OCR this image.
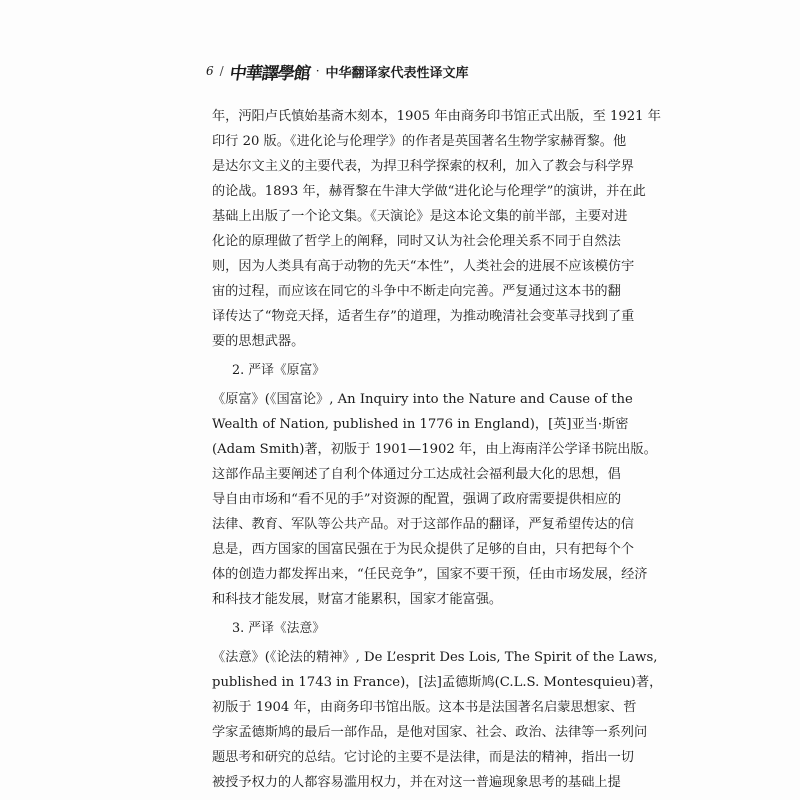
6 / 中華譯學館 · 中华翻译家代表性译文库
年，沔阳卢氏慎始基斋木刻本，1905 年由商务印书馆正式出版，至 1921 年
印行 20 版。《进化论与伦理学》的作者是英国著名生物学家赫胥黎。他
是达尔文主义的主要代表，为捍卫科学探索的权利，加入了教会与科学界
的论战。1893 年，赫胥黎在牛津大学做“进化论与伦理学”的演讲，并在此
基础上出版了一个论文集。《天演论》是这本论文集的前半部，主要对进
化论的原理做了哲学上的阐释，同时又认为社会伦理关系不同于自然法
则，因为人类具有高于动物的先天“本性”，人类社会的进展不应该模仿宇
宙的过程，而应该在同它的斗争中不断走向完善。严复通过这本书的翻
译传达了“物竞天择，适者生存”的道理，为推动晚清社会变革寻找到了重
要的思想武器。
2. 严译《原富》
《原富》(《国富论》, An Inquiry into the Nature and Cause of the
Wealth of Nation, published in 1776 in England)，[英]亚当·斯密
(Adam Smith)著，初版于 1901—1902 年，由上海南洋公学译书院出版。
这部作品主要阐述了自利个体通过分工达成社会福利最大化的思想，倡
导自由市场和“看不见的手”对资源的配置，强调了政府需要提供相应的
法律、教育、军队等公共产品。对于这部作品的翻译，严复希望传达的信
息是，西方国家的国富民强在于为民众提供了足够的自由，只有把每个个
体的创造力都发挥出来，“任民竞争”，国家不要干预，任由市场发展，经济
和科技才能发展，财富才能累积，国家才能富强。
3. 严译《法意》
《法意》(《论法的精神》, De L’esprit Des Lois, The Spirit of the Laws,
published in 1743 in France)，[法]孟德斯鸠(C.L.S. Montesquieu)著，
初版于 1904 年，由商务印书馆出版。这本书是法国著名启蒙思想家、哲
学家孟德斯鸠的最后一部作品，是他对国家、社会、政治、法律等一系列问
题思考和研究的总结。它讨论的主要不是法律，而是法的精神，指出一切
被授予权力的人都容易滥用权力，并在对这一普遍现象思考的基础上提
